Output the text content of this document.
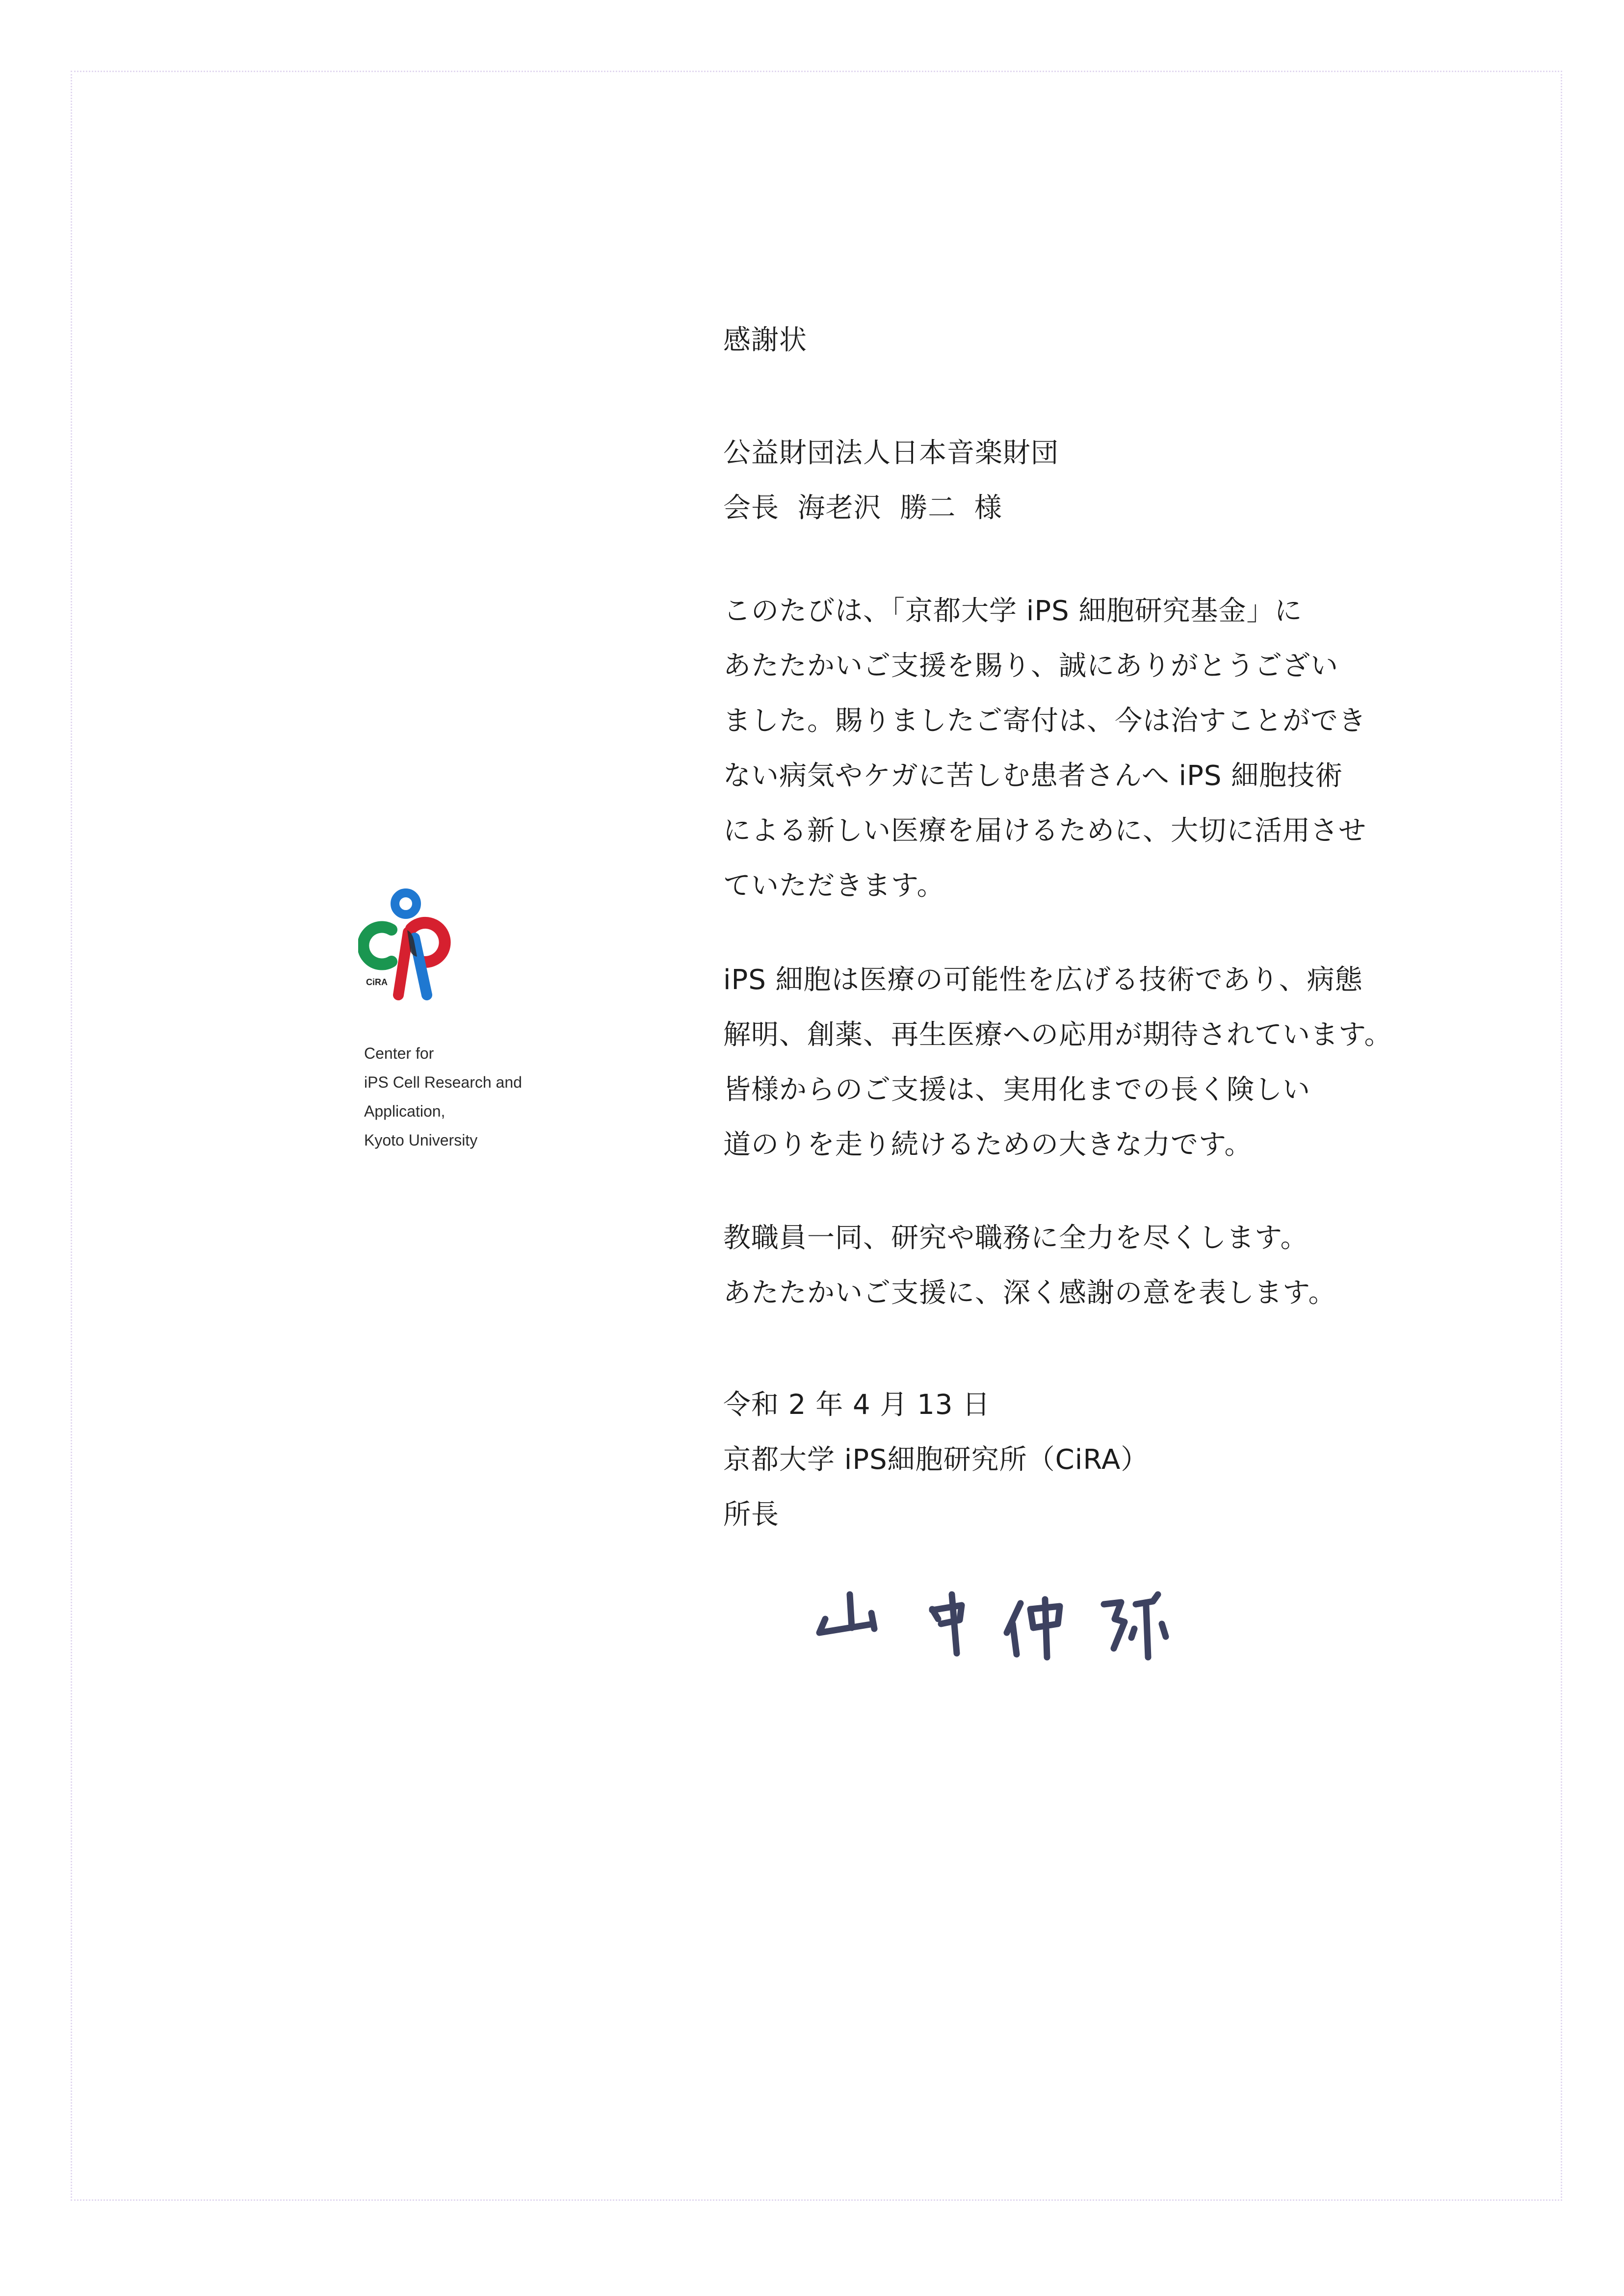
感謝状
公益財団法人日本音楽財団
会長  海老沢  勝二  様
このたびは、「京都大学 iPS 細胞研究基金」に
あたたかいご支援を賜り、誠にありがとうござい
ました。賜りましたご寄付は、今は治すことができ
ない病気やケガに苦しむ患者さんへ iPS 細胞技術
による新しい医療を届けるために、大切に活用させ
ていただきます。
iPS 細胞は医療の可能性を広げる技術であり、病態
解明、創薬、再生医療への応用が期待されています。
皆様からのご支援は、実用化までの長く険しい
道のりを走り続けるための大きな力です。
教職員一同、研究や職務に全力を尽くします。
あたたかいご支援に、深く感謝の意を表します。
令和 2 年 4 月 13 日
京都大学 iPS細胞研究所（CiRA）
所長
CiRA
Center for
iPS Cell Research and
Application,
Kyoto University
